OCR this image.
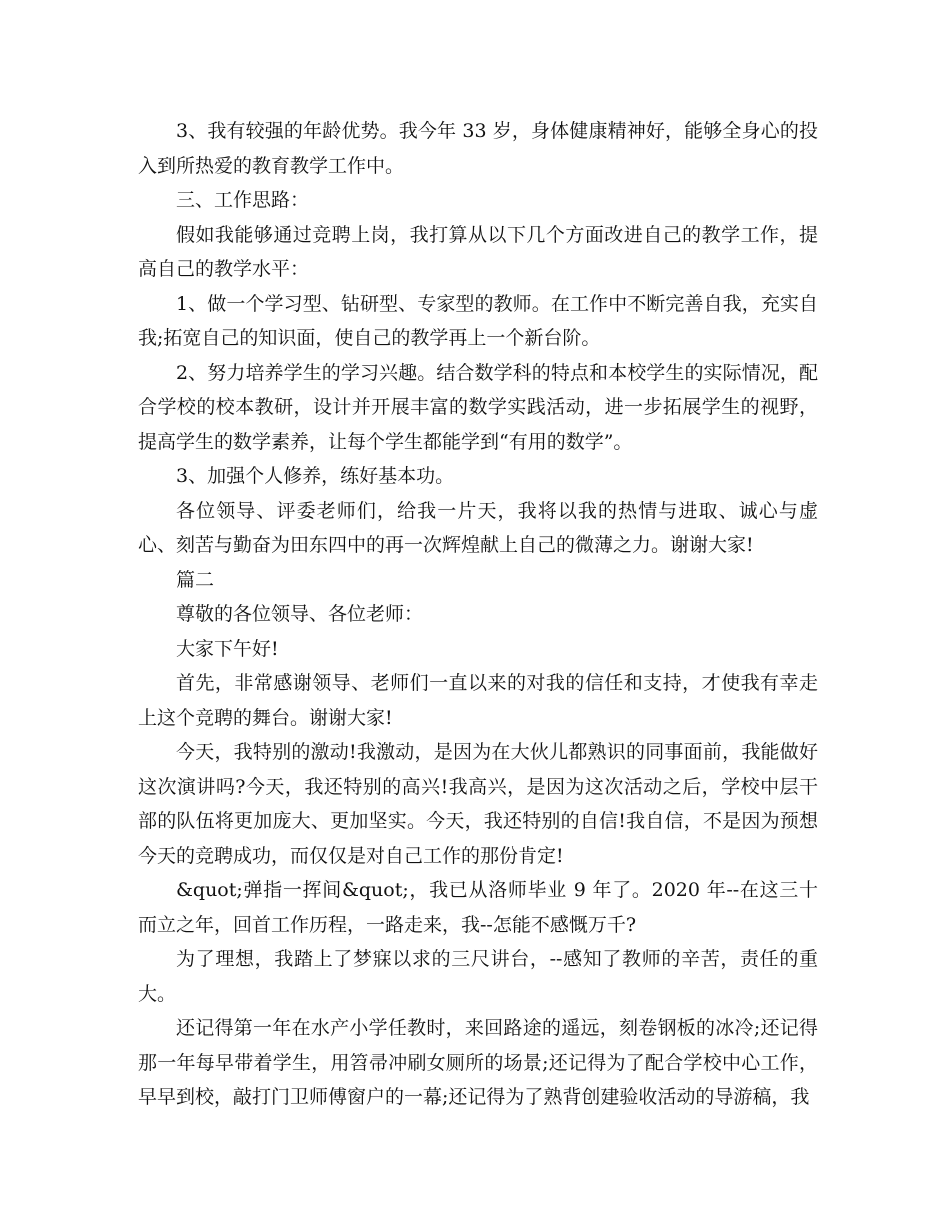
3、我有较强的年龄优势。我今年 33 岁，身体健康精神好，能够全身心的投入到所热爱的教育教学工作中。

三、工作思路：

假如我能够通过竞聘上岗，我打算从以下几个方面改进自己的教学工作，提高自己的教学水平：

1、做一个学习型、钻研型、专家型的教师。在工作中不断完善自我，充实自我;拓宽自己的知识面，使自己的教学再上一个新台阶。

2、努力培养学生的学习兴趣。结合数学科的特点和本校学生的实际情况，配合学校的校本教研，设计并开展丰富的数学实践活动，进一步拓展学生的视野，提高学生的数学素养，让每个学生都能学到“有用的数学”。

3、加强个人修养，练好基本功。

各位领导、评委老师们，给我一片天，我将以我的热情与进取、诚心与虚心、刻苦与勤奋为田东四中的再一次辉煌献上自己的微薄之力。谢谢大家!

篇二

尊敬的各位领导、各位老师：

大家下午好!

首先，非常感谢领导、老师们一直以来的对我的信任和支持，才使我有幸走上这个竞聘的舞台。谢谢大家!

今天，我特别的激动!我激动，是因为在大伙儿都熟识的同事面前，我能做好这次演讲吗?今天，我还特别的高兴!我高兴，是因为这次活动之后，学校中层干部的队伍将更加庞大、更加坚实。今天，我还特别的自信!我自信，不是因为预想今天的竞聘成功，而仅仅是对自己工作的那份肯定!

&quot;弹指一挥间&quot;，我已从洛师毕业 9 年了。2020 年--在这三十而立之年，回首工作历程，一路走来，我--怎能不感慨万千?

为了理想，我踏上了梦寐以求的三尺讲台，--感知了教师的辛苦，责任的重大。

还记得第一年在水产小学任教时，来回路途的遥远，刻卷钢板的冰冷;还记得那一年每早带着学生，用笤帚冲刷女厕所的场景;还记得为了配合学校中心工作，早早到校，敲打门卫师傅窗户的一幕;还记得为了熟背创建验收活动的导游稿，我
